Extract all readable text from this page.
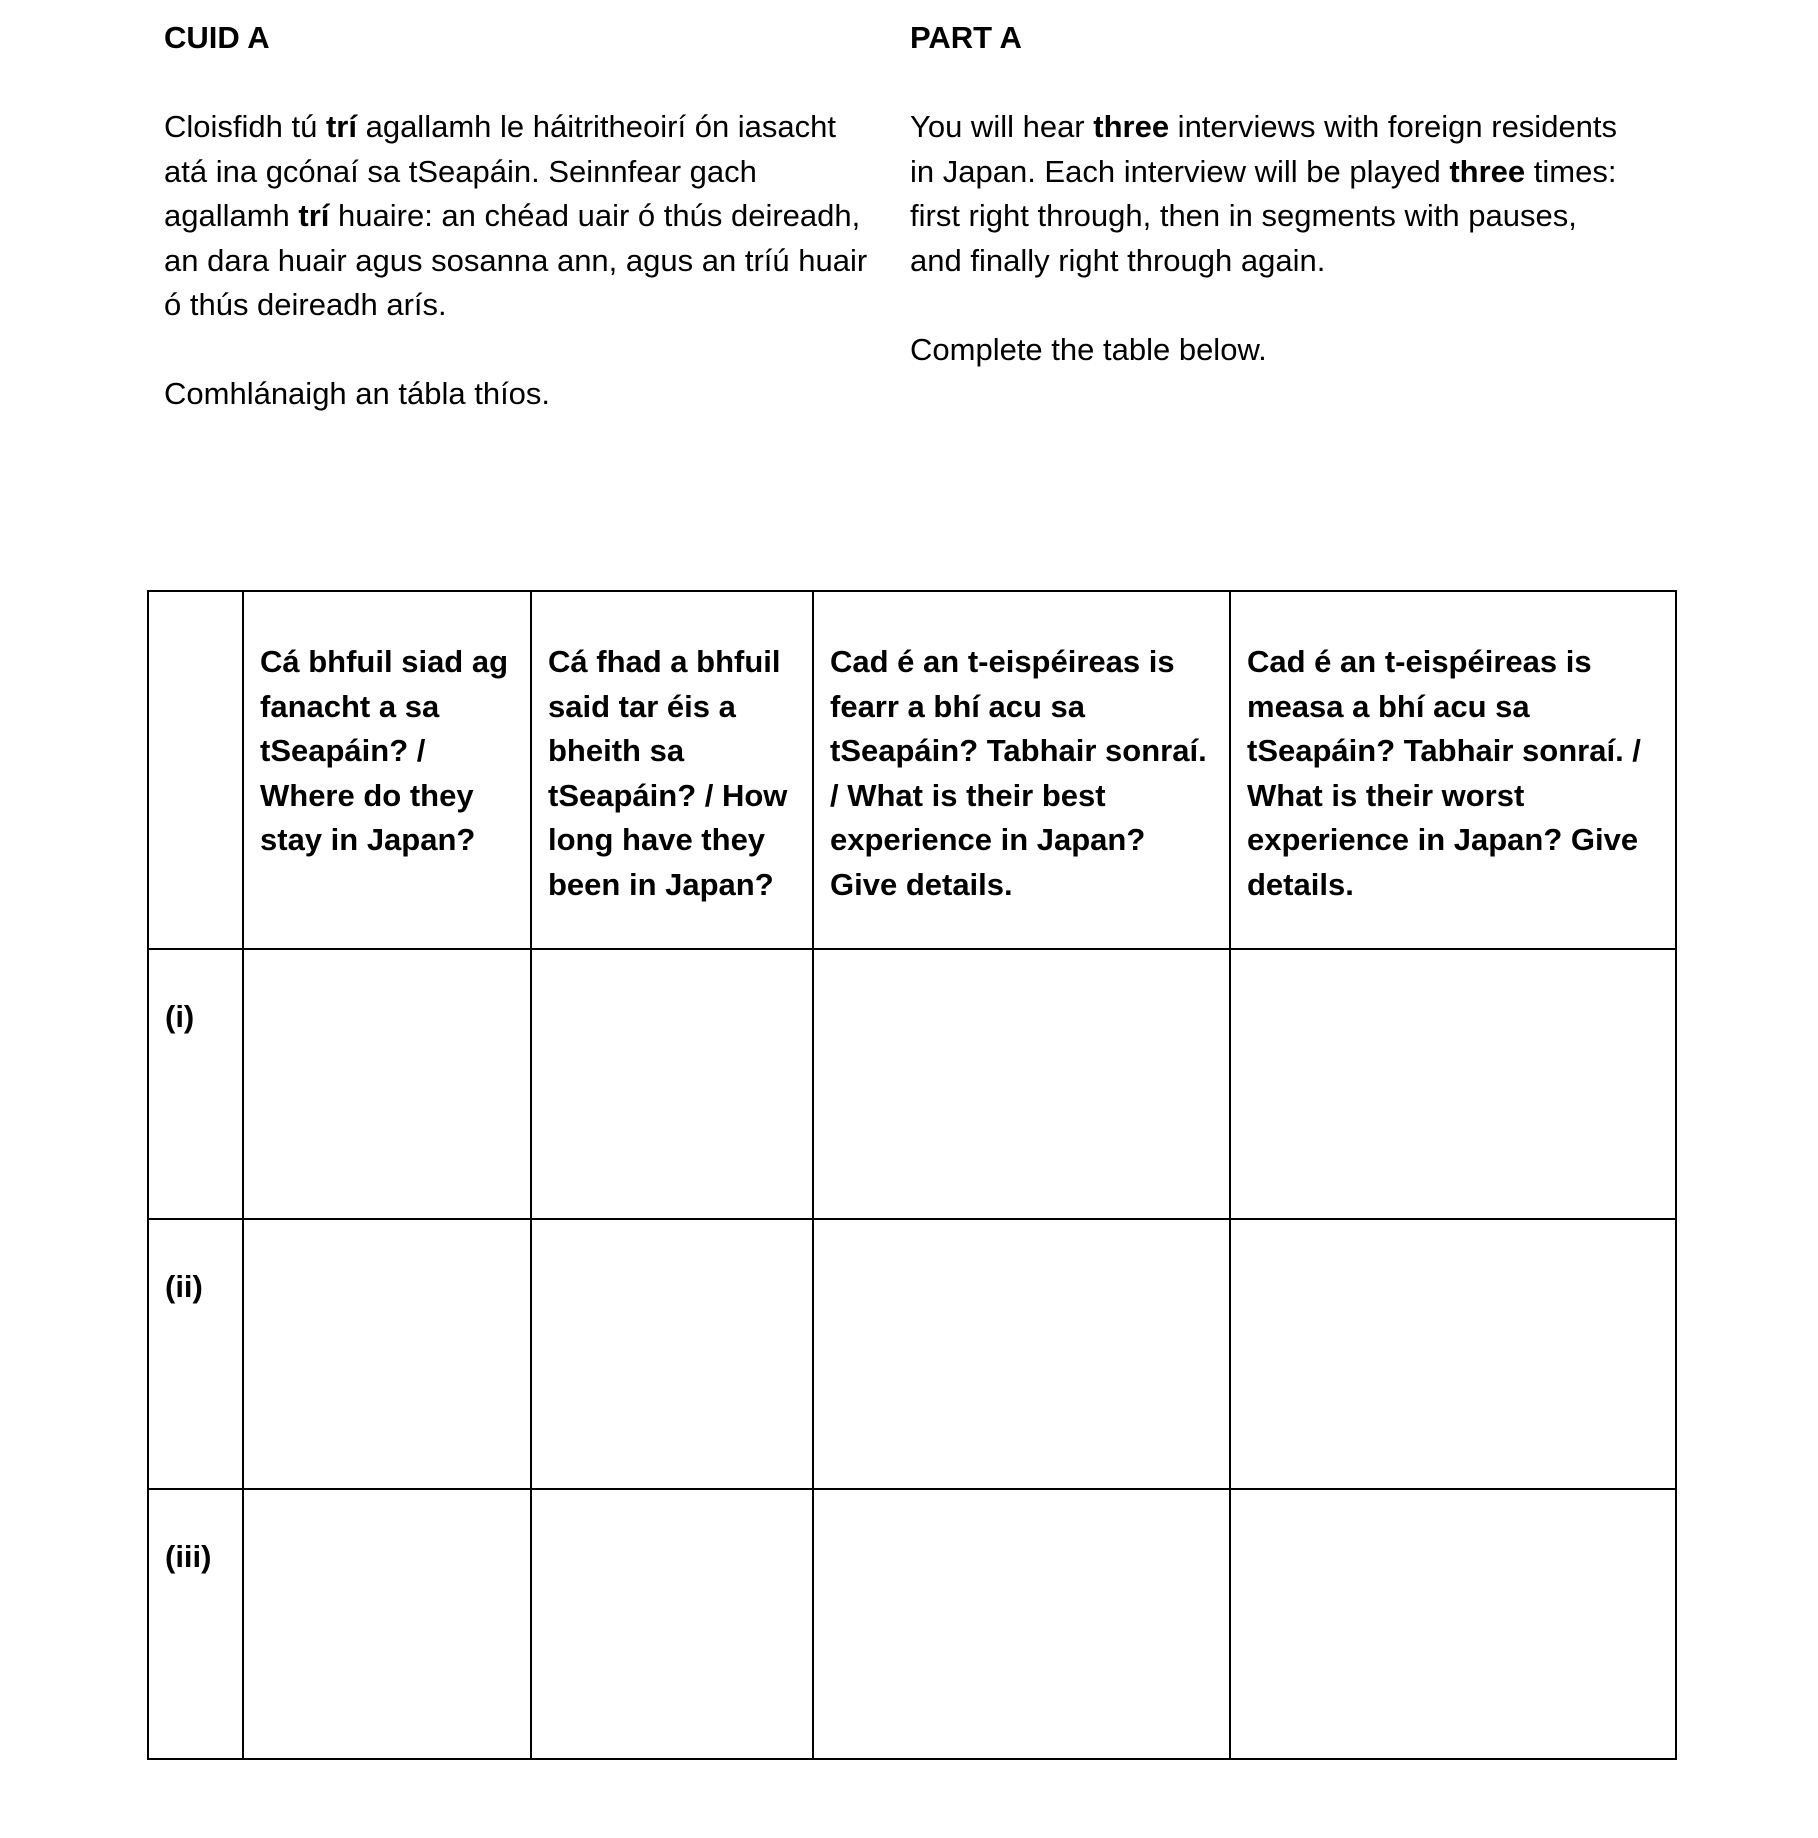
CUID A

Cloisfidh tú trí agallamh le háitritheoirí ón iasacht atá ina gcónaí sa tSeapáin. Seinnfear gach agallamh trí huaire: an chéad uair ó thús deireadh, an dara huair agus sosanna ann, agus an tríú huair ó thús deireadh arís.

Comhlánaigh an tábla thíos.

PART A

You will hear three interviews with foreign residents in Japan. Each interview will be played three times: first right through, then in segments with pauses, and finally right through again.

Complete the table below.

	Cá bhfuil siad ag fanacht a sa tSeapáin? / Where do they stay in Japan?	Cá fhad a bhfuil said tar éis a bheith sa tSeapáin? / How long have they been in Japan?	Cad é an t-eispéireas is fearr a bhí acu sa tSeapáin? Tabhair sonraí. / What is their best experience in Japan? Give details.	Cad é an t-eispéireas is measa a bhí acu sa tSeapáin? Tabhair sonraí. / What is their worst experience in Japan? Give details.
(i)				
(ii)				
(iii)				
